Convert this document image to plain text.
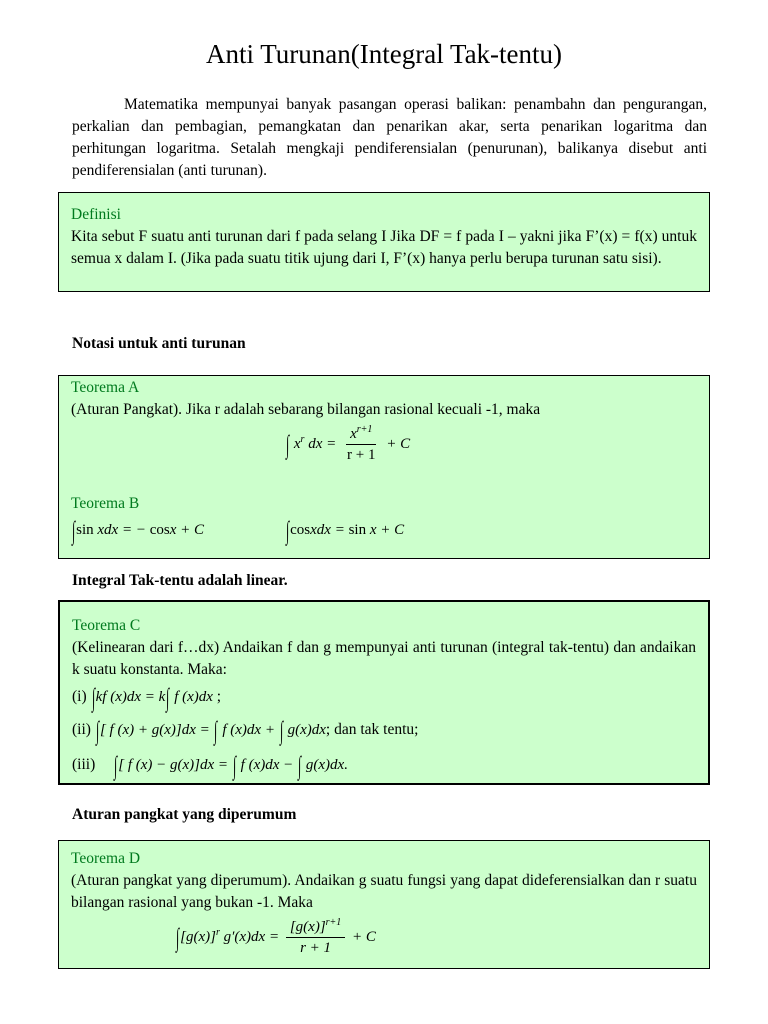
Anti Turunan(Integral Tak-tentu)
Matematika mempunyai banyak pasangan operasi balikan: penambahn dan pengurangan, perkalian dan pembagian, pemangkatan dan penarikan akar, serta penarikan logaritma dan perhitungan logaritma. Setalah mengkaji pendiferensialan (penurunan), balikanya disebut anti pendiferensialan (anti turunan).
Definisi
Kita sebut F suatu anti turunan dari f pada selang I Jika DF = f pada I – yakni jika F’(x) = f(x) untuk semua x dalam I. (Jika pada suatu titik ujung dari I, F’(x) hanya perlu berupa turunan satu sisi).
Notasi untuk anti turunan
Teorema A
(Aturan Pangkat). Jika r adalah sebarang bilangan rasional kecuali -1, maka
∫ $x^r$ dx = $\frac{x^{r+1}}{r + 1} + C$
Teorema B
∫sin xdx = − cosx + C	∫cosxdx = sin x + C
Integral Tak-tentu adalah linear.
Teorema C
(Kelinearan dari f…dx) Andaikan f dan g mempunyai anti turunan (integral tak-tentu) dan andaikan k suatu konstanta. Maka:
(i) ∫kf (x)dx = k∫ f (x)dx ;
(ii) ∫[ f (x) + g(x)]dx = ∫ f (x)dx + ∫ g(x)dx; dan tak tentu;
(iii) ∫[ f (x) − g(x)]dx = ∫ f (x)dx − ∫ g(x)dx.
Aturan pangkat yang diperumum
Teorema D
(Aturan pangkat yang diperumum). Andaikan g suatu fungsi yang dapat dideferensialkan dan r suatu bilangan rasional yang bukan -1. Maka
$\int[g(x)]^r$ $g'(x)dx = \frac{[g(x)]^{r+1}}{r + 1} + C$
